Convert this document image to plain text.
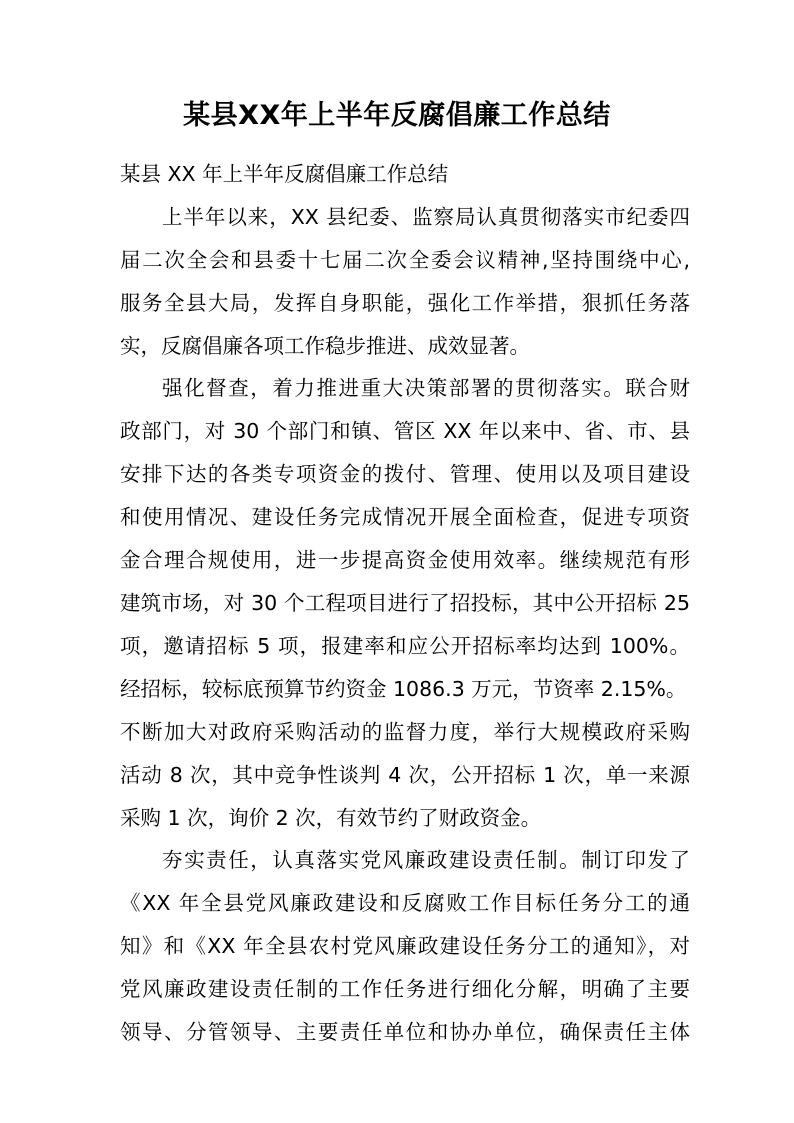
某县XX年上半年反腐倡廉工作总结

某县 XX 年上半年反腐倡廉工作总结

上半年以来，XX 县纪委、监察局认真贯彻落实市纪委四

届二次全会和县委十七届二次全委会议精神,坚持围绕中心,

服务全县大局，发挥自身职能，强化工作举措，狠抓任务落

实，反腐倡廉各项工作稳步推进、成效显著。

强化督查，着力推进重大决策部署的贯彻落实。联合财

政部门，对 30 个部门和镇、管区 XX 年以来中、省、市、县

安排下达的各类专项资金的拨付、管理、使用以及项目建设

和使用情况、建设任务完成情况开展全面检查，促进专项资

金合理合规使用，进一步提高资金使用效率。继续规范有形

建筑市场，对 30 个工程项目进行了招投标，其中公开招标 25

项，邀请招标 5 项，报建率和应公开招标率均达到 100%。

经招标，较标底预算节约资金 1086.3 万元，节资率 2.15%。

不断加大对政府采购活动的监督力度，举行大规模政府采购

活动 8 次，其中竞争性谈判 4 次，公开招标 1 次，单一来源

采购 1 次，询价 2 次，有效节约了财政资金。

夯实责任，认真落实党风廉政建设责任制。制订印发了

《XX 年全县党风廉政建设和反腐败工作目标任务分工的通

知》和《XX 年全县农村党风廉政建设任务分工的通知》，对

党风廉政建设责任制的工作任务进行细化分解，明确了主要

领导、分管领导、主要责任单位和协办单位，确保责任主体
